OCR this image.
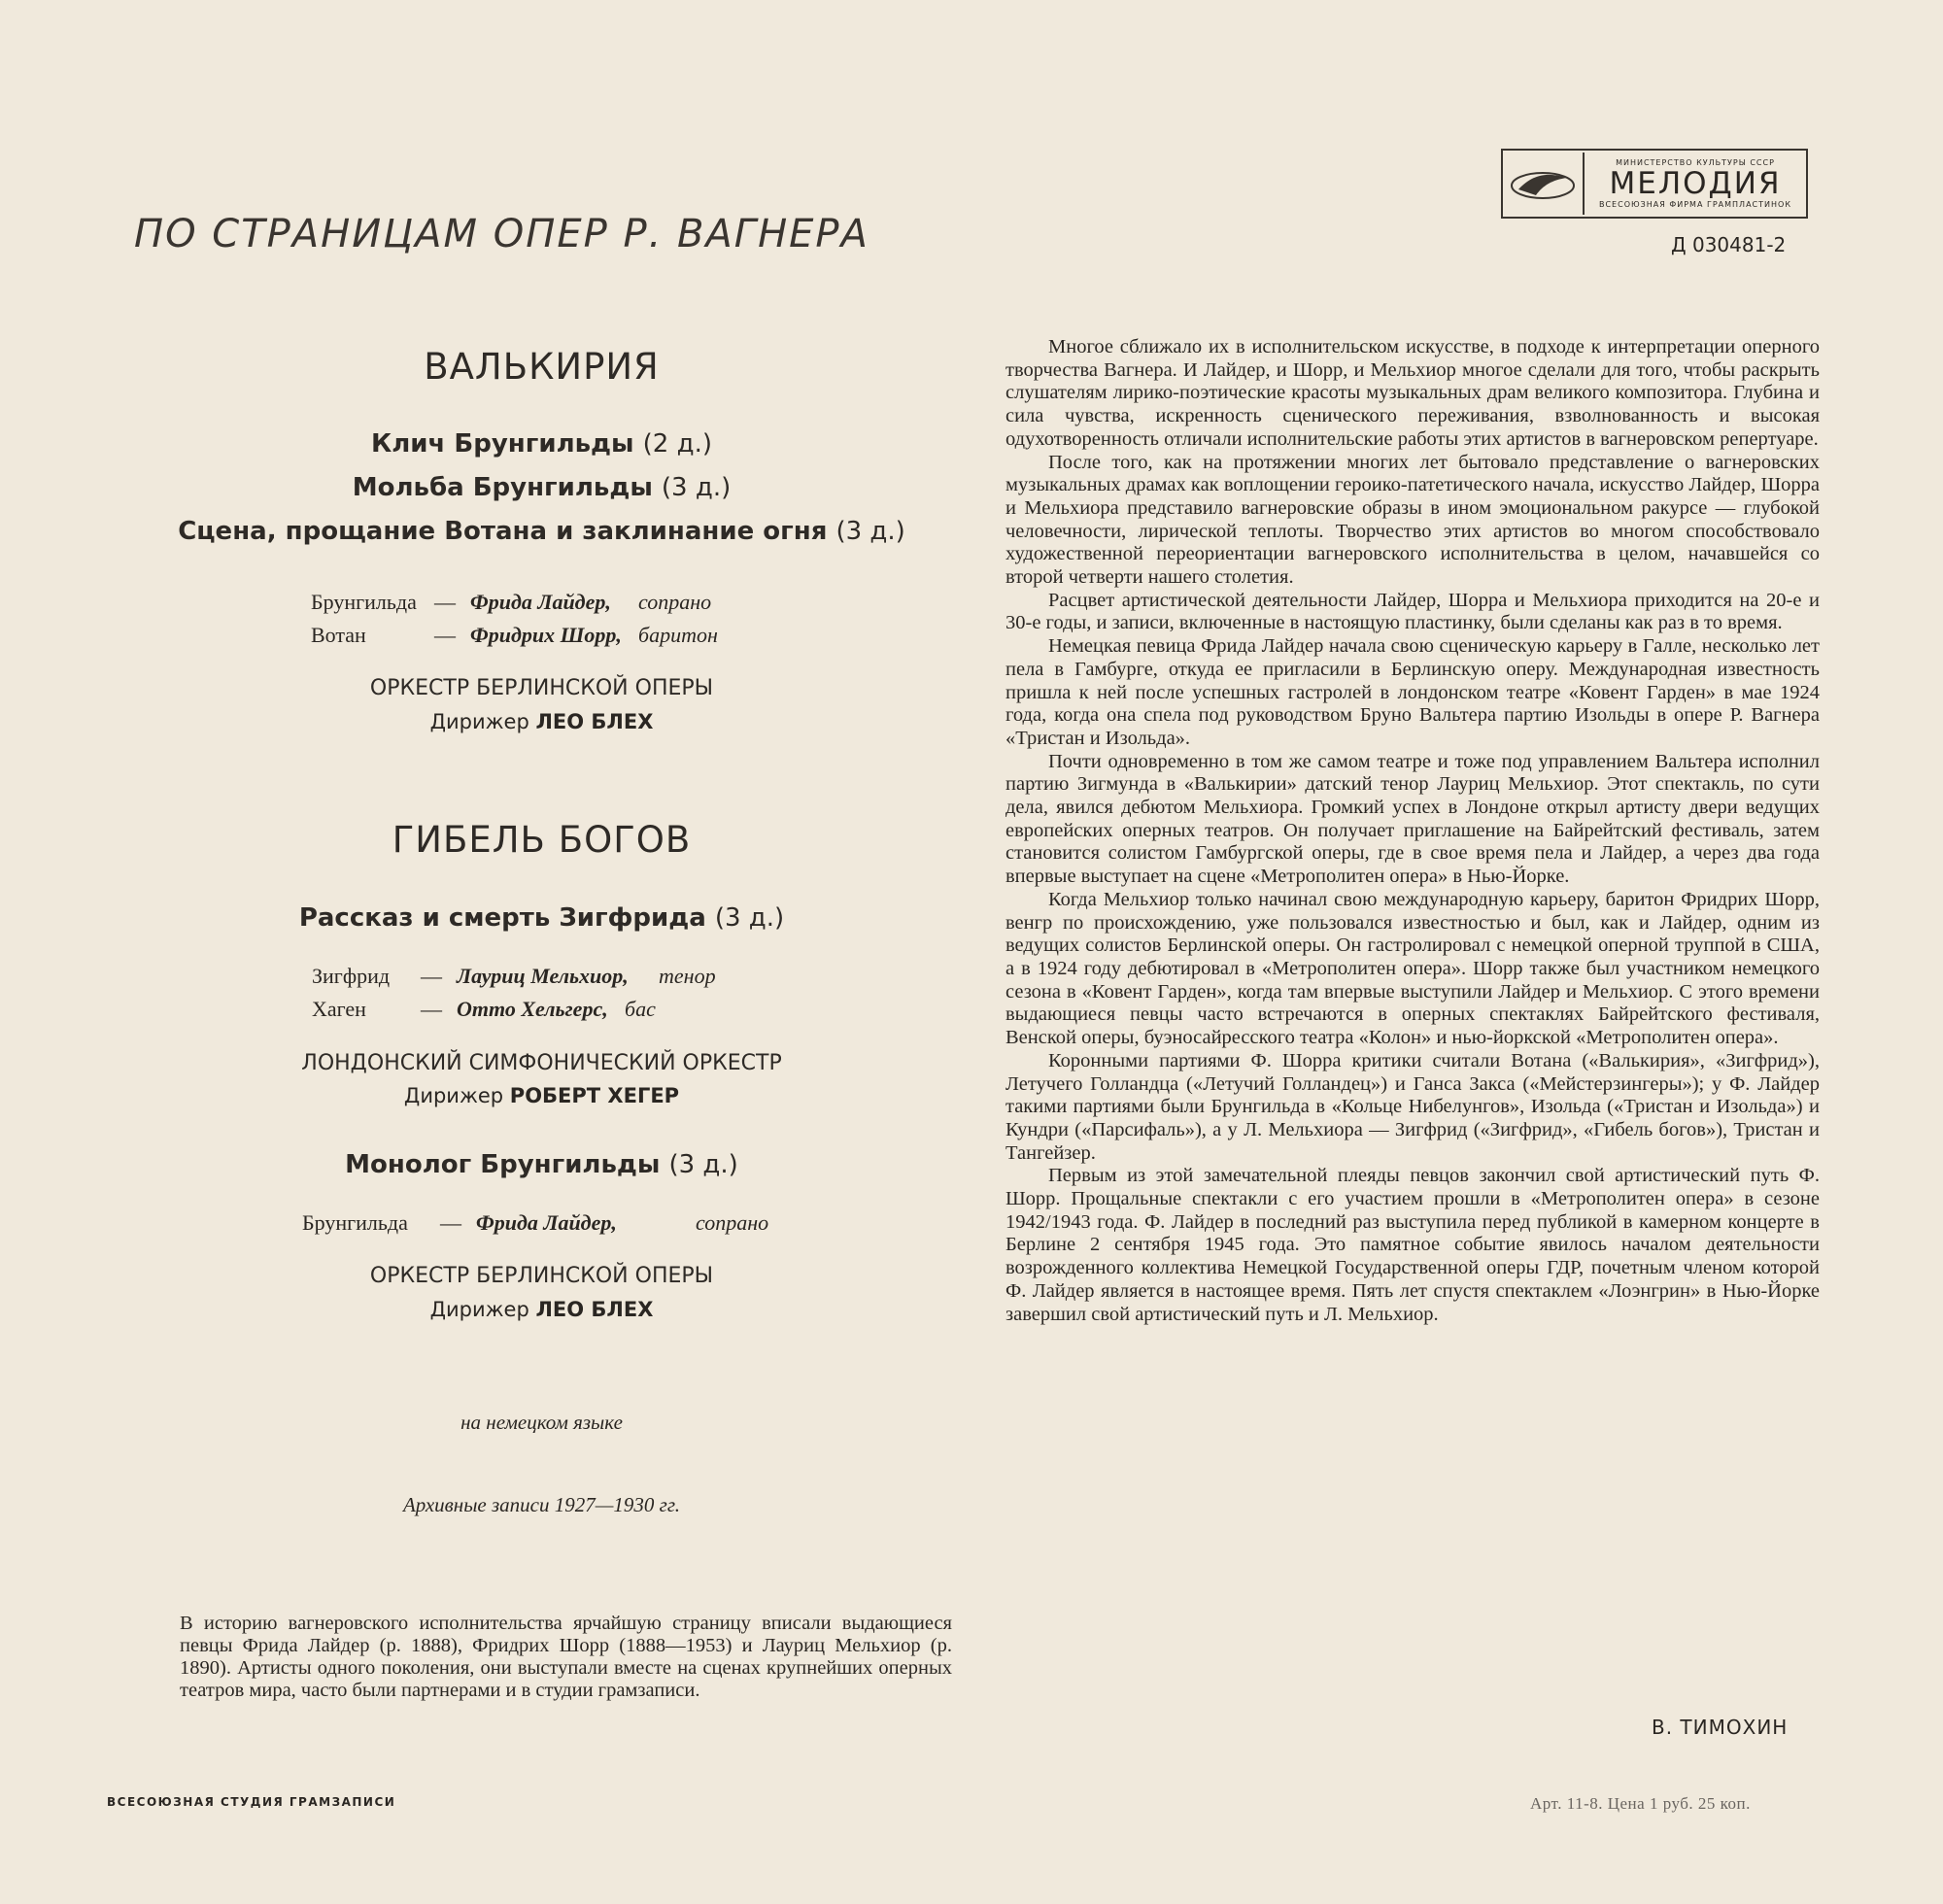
ПО СТРАНИЦАМ ОПЕР Р. ВАГНЕРА
МИНИСТЕРСТВО КУЛЬТУРЫ СССР
МЕЛОДИЯ
ВСЕСОЮЗНАЯ ФИРМА ГРАМПЛАСТИНОК
Д 030481-2
ВАЛЬКИРИЯ
Клич Брунгильды (2 д.)
Мольба Брунгильды (3 д.)
Сцена, прощание Вотана и заклинание огня (3 д.)
Брунгильда — Фрида Лайдер, сопрано
Вотан	— Фридрих Шорр, баритон
ОРКЕСТР БЕРЛИНСКОЙ ОПЕРЫ
Дирижер ЛЕО БЛЕХ
ГИБЕЛЬ БОГОВ
Рассказ и смерть Зигфрида (3 д.)
Зигфрид — Лауриц Мельхиор, тенор
Хаген	— Отто Хельгерс, бас
ЛОНДОНСКИЙ СИМФОНИЧЕСКИЙ ОРКЕСТР
Дирижер РОБЕРТ ХЕГЕР
Монолог Брунгильды (3 д.)
Брунгильда — Фрида Лайдер,	сопрано
ОРКЕСТР БЕРЛИНСКОЙ ОПЕРЫ
Дирижер ЛЕО БЛЕХ
на немецком языке
Архивные записи 1927—1930 гг.
В историю вагнеровского исполнительства ярчайшую страницу вписали выдающиеся певцы Фрида Лайдер (р. 1888), Фридрих Шорр (1888—1953) и Лауриц Мельхиор (р. 1890). Артисты одного поколения, они выступали вместе на сценах крупнейших оперных театров мира, часто были партнерами и в студии грамзаписи.

Многое сближало их в исполнительском искусстве, в подходе к интерпретации оперного творчества Вагнера. И Лайдер, и Шорр, и Мельхиор многое сделали для того, чтобы раскрыть слушателям лирико-поэтические красоты музыкальных драм великого композитора. Глубина и сила чувства, искренность сценического переживания, взволнованность и высокая одухотворенность отличали исполнительские работы этих артистов в вагнеровском репертуаре.

После того, как на протяжении многих лет бытовало представление о вагнеровских музыкальных драмах как воплощении героико-патетического начала, искусство Лайдер, Шорра и Мельхиора представило вагнеровские образы в ином эмоциональном ракурсе — глубокой человечности, лирической теплоты. Творчество этих артистов во многом способствовало художественной переориентации вагнеровского исполнительства в целом, начавшейся со второй четверти нашего столетия.

Расцвет артистической деятельности Лайдер, Шорра и Мельхиора приходится на 20-е и 30-е годы, и записи, включенные в настоящую пластинку, были сделаны как раз в то время.

Немецкая певица Фрида Лайдер начала свою сценическую карьеру в Галле, несколько лет пела в Гамбурге, откуда ее пригласили в Берлинскую оперу. Международная известность пришла к ней после успешных гастролей в лондонском театре «Ковент Гарден» в мае 1924 года, когда она спела под руководством Бруно Вальтера партию Изольды в опере Р. Вагнера «Тристан и Изольда».

Почти одновременно в том же самом театре и тоже под управлением Вальтера исполнил партию Зигмунда в «Валькирии» датский тенор Лауриц Мельхиор. Этот спектакль, по сути дела, явился дебютом Мельхиора. Громкий успех в Лондоне открыл артисту двери ведущих европейских оперных театров. Он получает приглашение на Байрейтский фестиваль, затем становится солистом Гамбургской оперы, где в свое время пела и Лайдер, а через два года впервые выступает на сцене «Метрополитен опера» в Нью-Йорке.

Когда Мельхиор только начинал свою международную карьеру, баритон Фридрих Шорр, венгр по происхождению, уже пользовался известностью и был, как и Лайдер, одним из ведущих солистов Берлинской оперы. Он гастролировал с немецкой оперной труппой в США, а в 1924 году дебютировал в «Метрополитен опера». Шорр также был участником немецкого сезона в «Ковент Гарден», когда там впервые выступили Лайдер и Мельхиор. С этого времени выдающиеся певцы часто встречаются в оперных спектаклях Байрейтского фестиваля, Венской оперы, буэносайресского театра «Колон» и нью-йоркской «Метрополитен опера».

Коронными партиями Ф. Шорра критики считали Вотана («Валькирия», «Зигфрид»), Летучего Голландца («Летучий Голландец») и Ганса Закса («Мейстерзингеры»); у Ф. Лайдер такими партиями были Брунгильда в «Кольце Нибелунгов», Изольда («Тристан и Изольда») и Кундри («Парсифаль»), а у Л. Мельхиора — Зигфрид («Зигфрид», «Гибель богов»), Тристан и Тангейзер.

Первым из этой замечательной плеяды певцов закончил свой артистический путь Ф. Шорр. Прощальные спектакли с его участием прошли в «Метрополитен опера» в сезоне 1942/1943 года. Ф. Лайдер в последний раз выступила перед публикой в камерном концерте в Берлине 2 сентября 1945 года. Это памятное событие явилось началом деятельности возрожденного коллектива Немецкой Государственной оперы ГДР, почетным членом которой Ф. Лайдер является в настоящее время. Пять лет спустя спектаклем «Лоэнгрин» в Нью-Йорке завершил свой артистический путь и Л. Мельхиор.

В. ТИМОХИН
ВСЕСОЮЗНАЯ СТУДИЯ ГРАМЗАПИСИ	Арт. 11-8. Цена 1 руб. 25 коп.
